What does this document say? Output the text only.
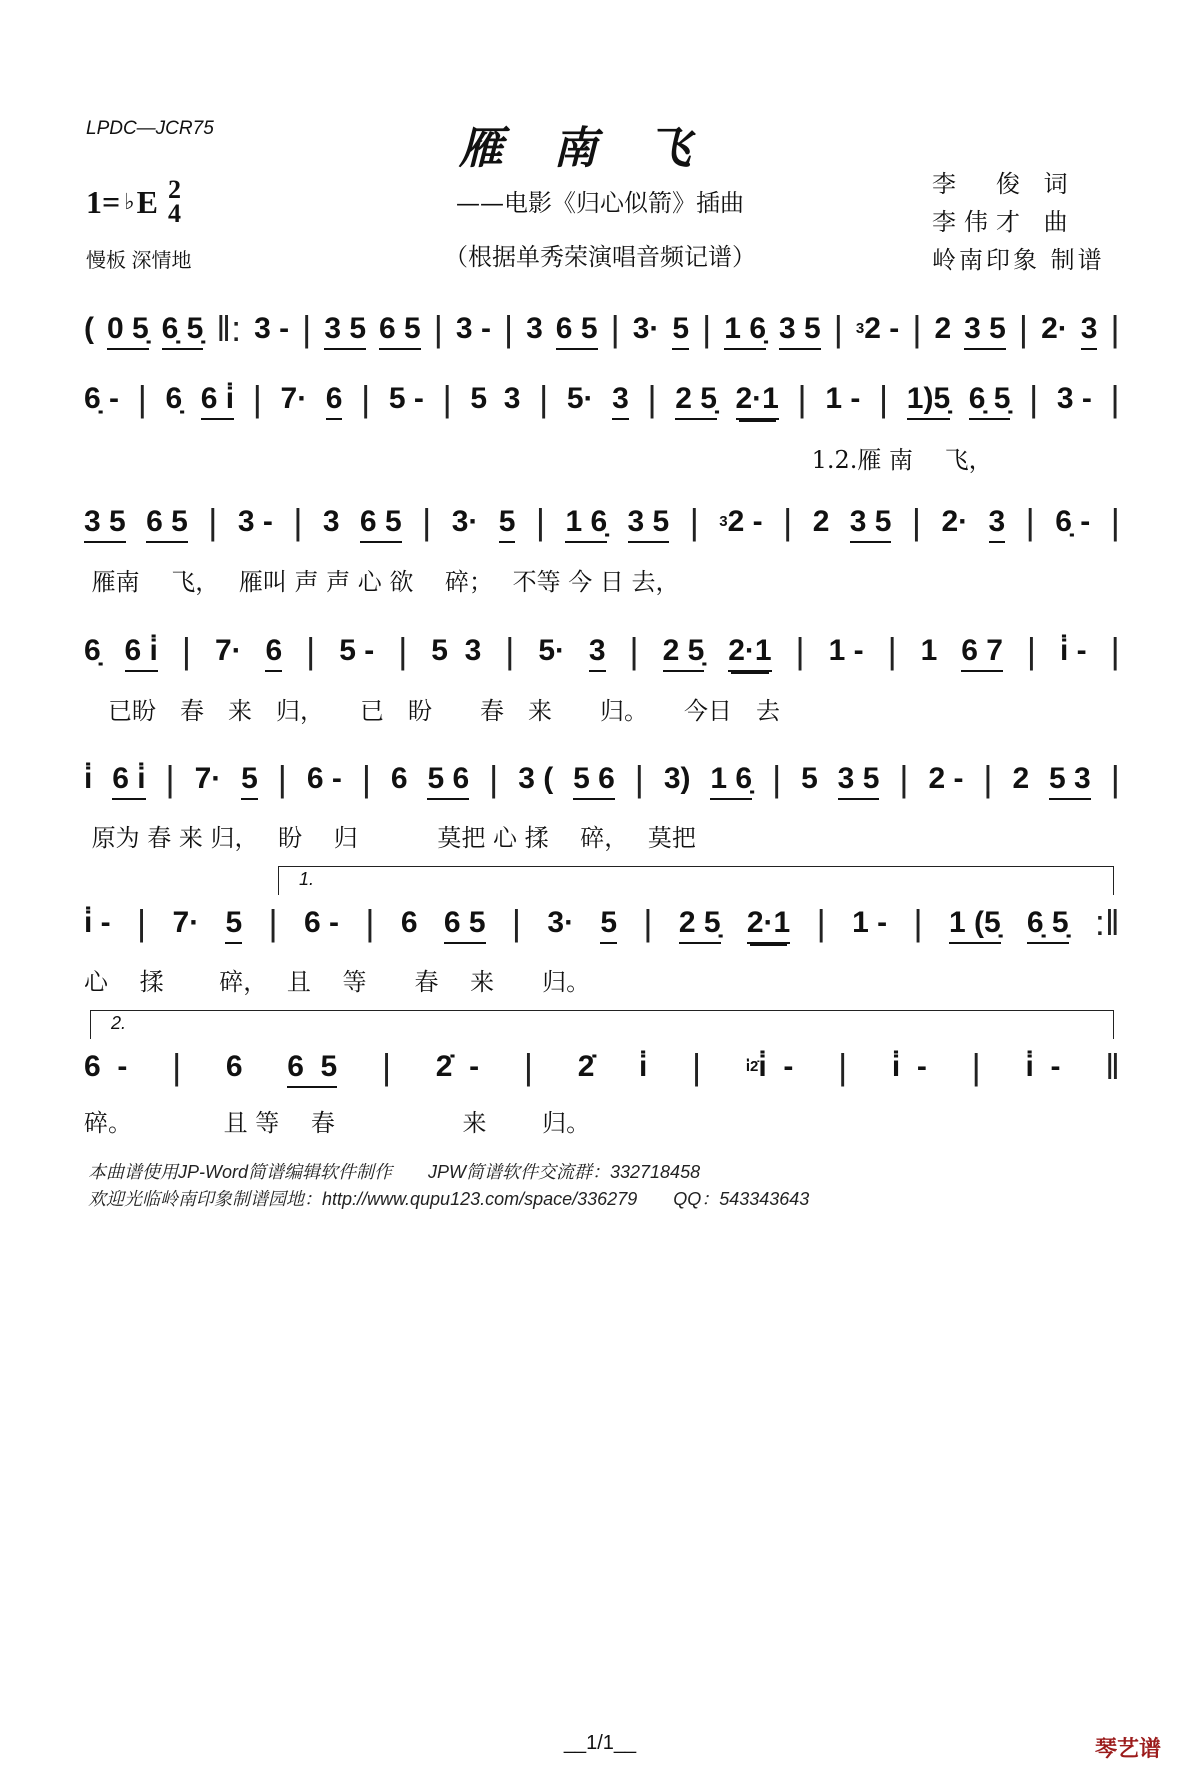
LPDC—JCR75	雁南飞
1= ♭ E 2
4
慢板 深情地
——电影《归心似箭》插曲
（根据单秀荣演唱音频记谱）
李　俊 词
李伟才 曲
岭南印象 制谱
( 0 5̣ 6̣ 5̣ ‖: 3 - | 3 5 6 5 | 3 - | 3 6 5 | 3· 5 | 1 6̣ 3 5 | $^3$2 - | 2 3 5 | 2· 3 |
6̣ - | 6̣ 6 i̇ | 7· 6 | 5 - | 5  3 | 5· 3 | 2 5̣ 2·1 | 1 - | 1)5̣ 6̣ 5̣ | 3 - |
　　　　　　　　　　　　　　　　　　　　　　　　　　　　　　 1.2.雁 南　 飞，
3 5 6 5 | 3 - | 3 6 5 | 3· 5 | 1 6̣ 3 5 | $^3$2 - | 2 3 5 | 2· 3 | 6̣ - |
雁南　 飞，　 雁叫 声 声 心 欲　 碎；　 不等 今 日 去，
6̣ 6 i̇ | 7· 6 | 5 - | 5  3 | 5· 3 | 2 5̣ 2·1 | 1 - | 1 6 7 | i̇ - |
　已盼　春　来　归，　　已　盼　　春　来　　归。　　今日　去
i̇ 6 i̇ | 7· 5 | 6 - | 6 5 6 | 3 ( 5 6 | 3) 1 6̣ | 5 3 5 | 2 - | 2 5 3 |
原为 春 来 归，　 盼　 归　　　 莫把 心 揉　 碎，　 莫把
i̇ - | 7· 5 | 6 - | 6 6 5 | 3· 5 | 2 5̣ 2·1 | 1 - | 1 (5̣ 6̣ 5̣ :‖
1.
心　 揉　　 碎，　 且　 等　　春　 来　　归。
6  - | 6 6  5 | 2̇  - | 2̇ i̇ |	$^{i̇2̇}$i̇  - | i̇  - | i̇  - ‖
2.
碎。　　　　 且 等　 春　　　　　 来　　 归。
本曲谱使用JP-Word简谱编辑软件制作　　JPW简谱软件交流群：332718458
欢迎光临岭南印象制谱园地：http://www.qupu123.com/space/336279　　QQ：543343643
__1/1__	琴艺谱
